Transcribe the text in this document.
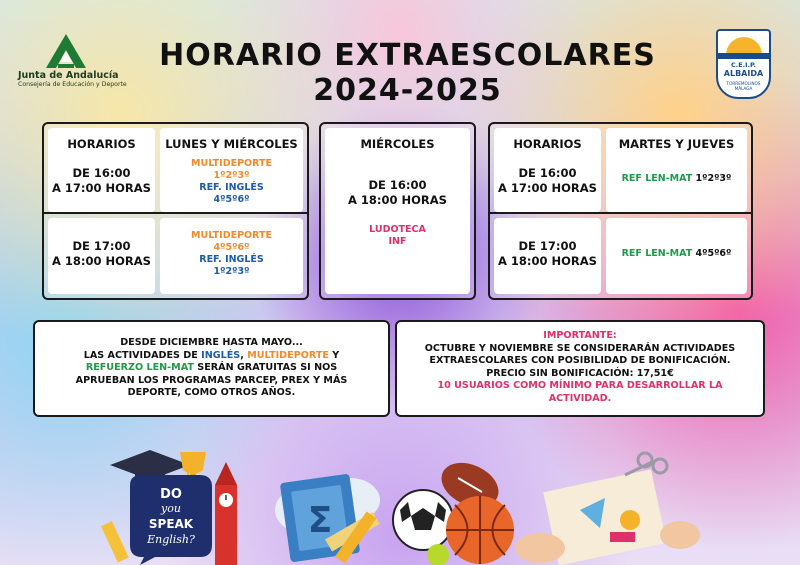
Junta de Andalucía
Consejería de Educación y Deporte
HORARIO EXTRAESCOLARES 2024-2025
C.E.I.P.
ALBAIDA
TORREMOLINOS
MÁLAGA
HORARIOS
DE 16:00
A 17:00 HORAS
LUNES Y MIÉRCOLES
MULTIDEPORTE
1º2º3º
REF. INGLÉS
4º5º6º
DE 17:00
A 18:00 HORAS
MULTIDEPORTE
4º5º6º
REF. INGLÉS
1º2º3º
MIÉRCOLES
DE 16:00
A 18:00 HORAS
LUDOTECA
INF
HORARIOS
DE 16:00
A 17:00 HORAS
MARTES Y JUEVES
REF LEN-MAT 1º2º3º
DE 17:00
A 18:00 HORAS
REF LEN-MAT 4º5º6º
DESDE DICIEMBRE HASTA MAYO...
LAS ACTIVIDADES DE INGLÉS, MULTIDEPORTE Y
REFUERZO LEN-MAT SERÁN GRATUITAS SI NOS
APRUEBAN LOS PROGRAMAS PARCEP, PREX Y MÁS
DEPORTE, COMO OTROS AÑOS.
IMPORTANTE:
OCTUBRE Y NOVIEMBRE SE CONSIDERARÁN ACTIVIDADES
EXTRAESCOLARES CON POSIBILIDAD DE BONIFICACIÓN.
PRECIO SIN BONIFICACIÓN: 17,51€
10 USUARIOS COMO MÍNIMO PARA DESARROLLAR LA
ACTIVIDAD.
DO
you
SPEAK
English?	Σ
